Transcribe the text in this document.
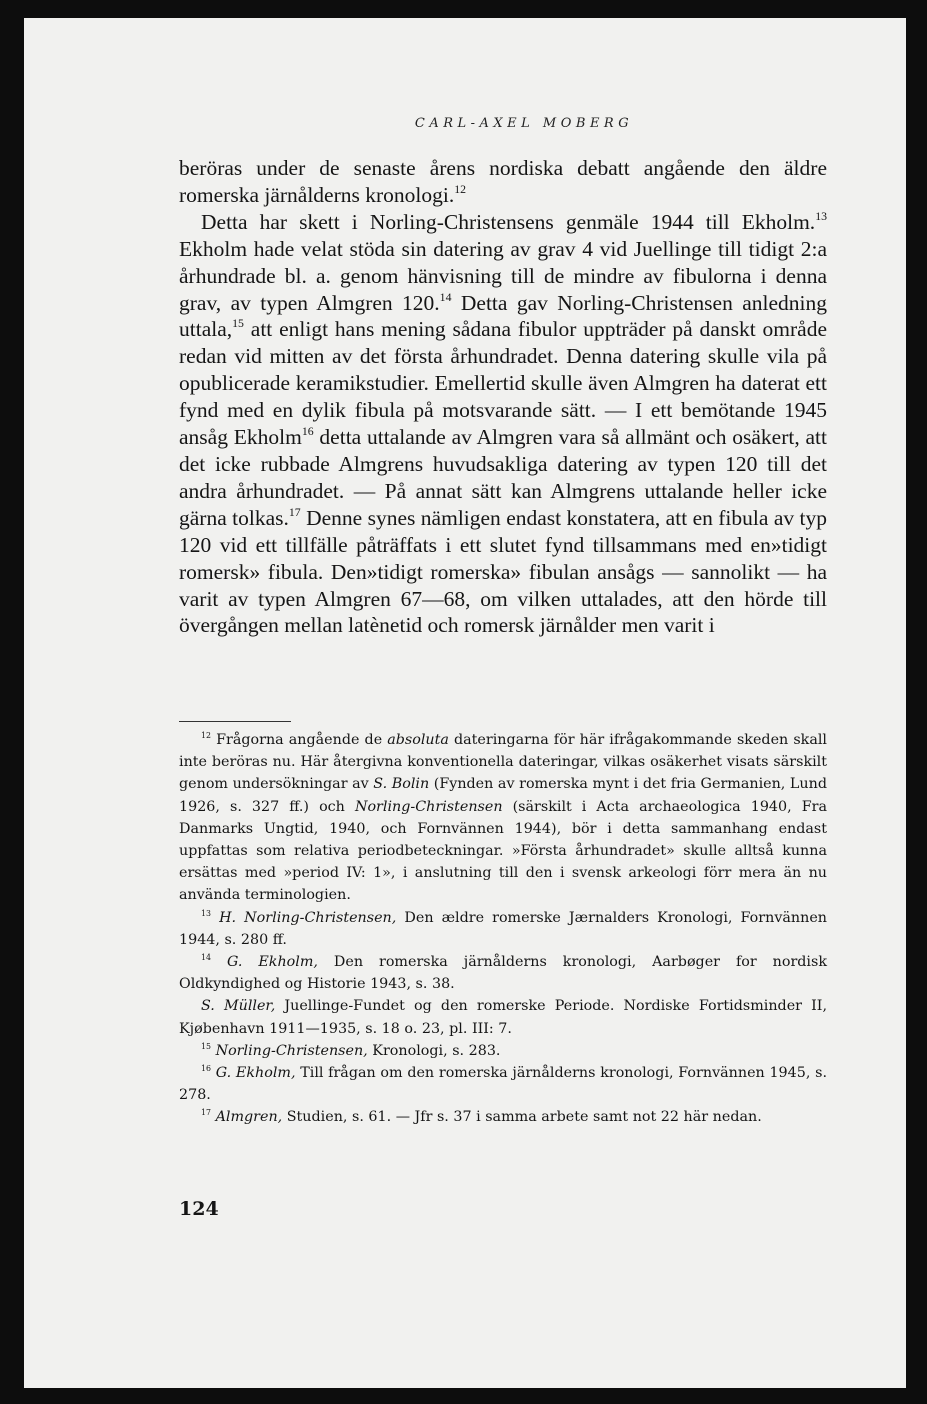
CARL-AXEL MOBERG

beröras under de senaste årens nordiska debatt angående den äldre romerska järnålderns kronologi.$^{12}$

Detta har skett i Norling-Christensens genmäle 1944 till Ekholm.$^{13}$ Ekholm hade velat stöda sin datering av grav 4 vid Juellinge till tidigt 2:a århundrade bl. a. genom hänvisning till de mindre av fibulorna i denna grav, av typen Almgren 120.14 Detta gav Norling-Christensen anledning uttala,$^{15}$ att enligt hans mening sådana fibulor uppträder på danskt område redan vid mitten av det första århundradet. Denna datering skulle vila på opublicerade keramikstudier. Emellertid skulle även Almgren ha daterat ett fynd med en dylik fibula på motsvarande sätt. — I ett bemötande 1945 ansåg Ekholm$^{16}$ detta uttalande av Almgren vara så allmänt och osäkert, att det icke rubbade Almgrens huvudsakliga datering av typen 120 till det andra århundradet. — På annat sätt kan Almgrens uttalande heller icke gärna tolkas.$^{17}$ Denne synes nämligen endast konstatera, att en fibula av typ 120 vid ett tillfälle påträffats i ett slutet fynd tillsammans med en»tidigt romersk» fibula. Den»tidigt romerska» fibulan ansågs — sannolikt — ha varit av typen Almgren 67—68, om vilken uttalades, att den hörde till övergången mellan latènetid och romersk järnålder men varit i

$^{12}$ Frågorna angående de absoluta dateringarna för här ifrågakommande skeden skall inte beröras nu. Här återgivna konventionella dateringar, vilkas osäkerhet visats särskilt genom undersökningar av S. Bolin (Fynden av romerska mynt i det fria Germanien, Lund 1926, s. 327 ff.) och Norling-Christensen (särskilt i Acta archaeologica 1940, Fra Danmarks Ungtid, 1940, och Fornvännen 1944), bör i detta sammanhang endast uppfattas som relativa periodbeteckningar. »Första århundradet» skulle alltså kunna ersättas med »period IV: 1», i anslutning till den i svensk arkeologi förr mera än nu använda terminologien.

$^{13}$ H. Norling-Christensen, Den ældre romerske Jærnalders Kronologi, Fornvännen 1944, s. 280 ff.

$^{14}$ G. Ekholm, Den romerska järnålderns kronologi, Aarbøger for nordisk Oldkyndighed og Historie 1943, s. 38.

S. Müller, Juellinge-Fundet og den romerske Periode. Nordiske Fortidsminder II, Kjøbenhavn 1911—1935, s. 18 o. 23, pl. III: 7.

$^{15}$ Norling-Christensen, Kronologi, s. 283.

$^{16}$ G. Ekholm, Till frågan om den romerska järnålderns kronologi, Fornvännen 1945, s. 278.

$^{17}$ Almgren, Studien, s. 61. — Jfr s. 37 i samma arbete samt not 22 här nedan.

124
